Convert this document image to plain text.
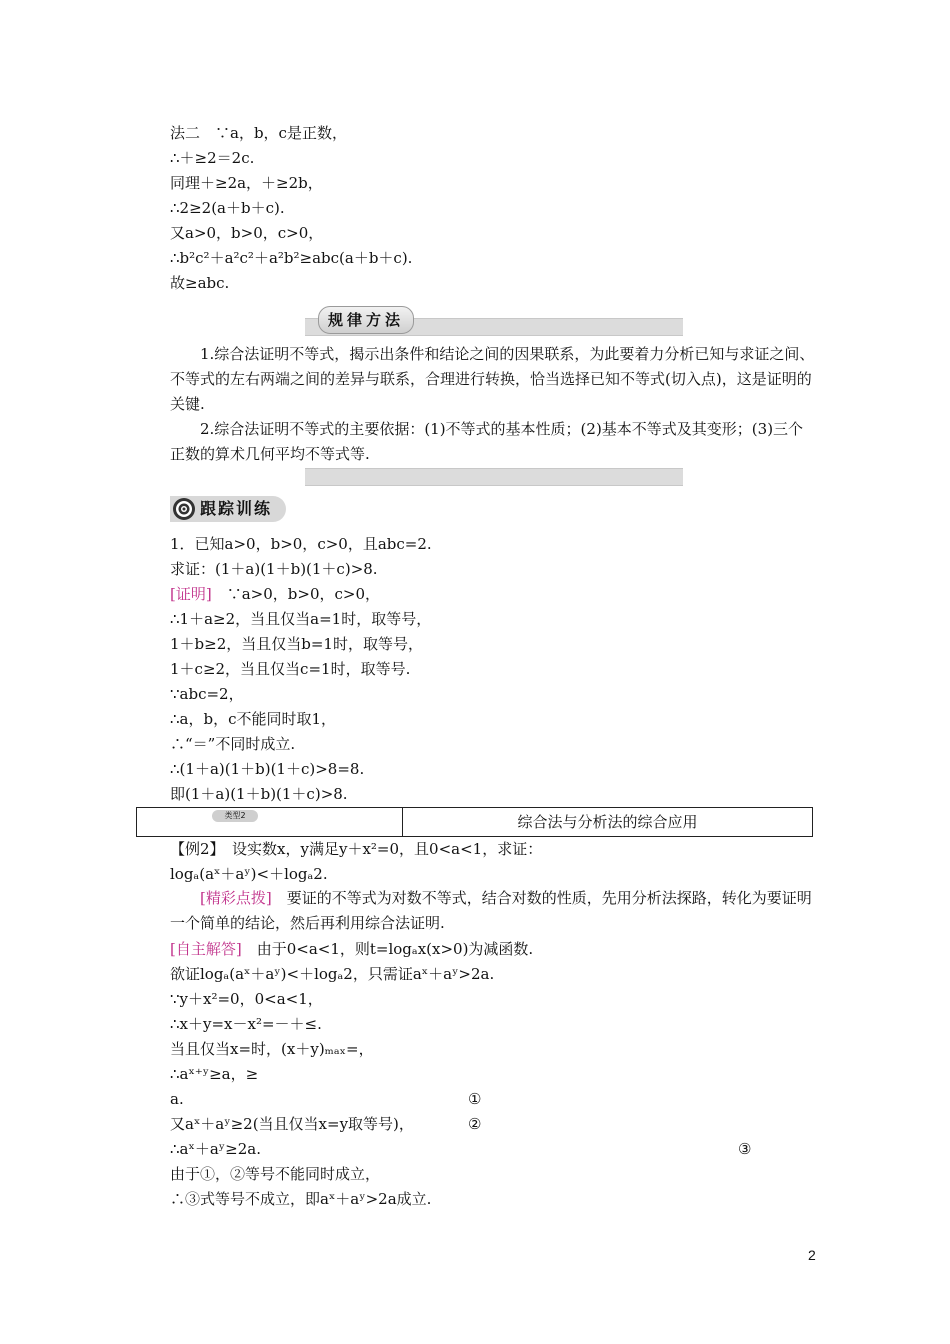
法二　∵a，b，c是正数，
∴＋≥2＝2c.
同理＋≥2a，＋≥2b，
∴2≥2(a＋b＋c).
又a>0，b>0，c>0，
∴b²c²＋a²c²＋a²b²≥abc(a＋b＋c).
故≥abc.
规律方法
1.综合法证明不等式，揭示出条件和结论之间的因果联系，为此要着力分析已知与求证之间、不等式的左右两端之间的差异与联系，合理进行转换，恰当选择已知不等式(切入点)，这是证明的关键.
2.综合法证明不等式的主要依据：(1)不等式的基本性质；(2)基本不等式及其变形；(3)三个正数的算术几何平均不等式等.
跟踪训练
1．已知a>0，b>0，c>0，且abc=2.
求证：(1＋a)(1＋b)(1＋c)>8.
[证明]　∵a>0，b>0，c>0，
∴1＋a≥2，当且仅当a=1时，取等号，
1＋b≥2，当且仅当b=1时，取等号，
1＋c≥2，当且仅当c=1时，取等号.
∵abc=2，
∴a，b，c不能同时取1，
∴“＝”不同时成立.
∴(1＋a)(1＋b)(1＋c)>8=8.
即(1＋a)(1＋b)(1＋c)>8.
类型2	综合法与分析法的综合应用
【例2】　设实数x，y满足y＋x²=0，且0<a<1，求证：
logₐ(aˣ＋aʸ)<＋logₐ2.
[精彩点拨]　要证的不等式为对数不等式，结合对数的性质，先用分析法探路，转化为要证明一个简单的结论，然后再利用综合法证明.
[自主解答]　由于0<a<1，则t=logₐx(x>0)为减函数.
欲证logₐ(aˣ＋aʸ)<＋logₐ2，只需证aˣ＋aʸ>2a.
∵y＋x²=0，0<a<1，
∴x＋y=x－x²=－＋≤.
当且仅当x=时，(x＋y)ₘₐₓ=，
∴aˣ⁺ʸ≥a，≥
a.	①
又aˣ＋aʸ≥2(当且仅当x=y取等号)，	②
∴aˣ＋aʸ≥2a.	③
由于①，②等号不能同时成立，
∴③式等号不成立，即aˣ＋aʸ>2a成立.
2
